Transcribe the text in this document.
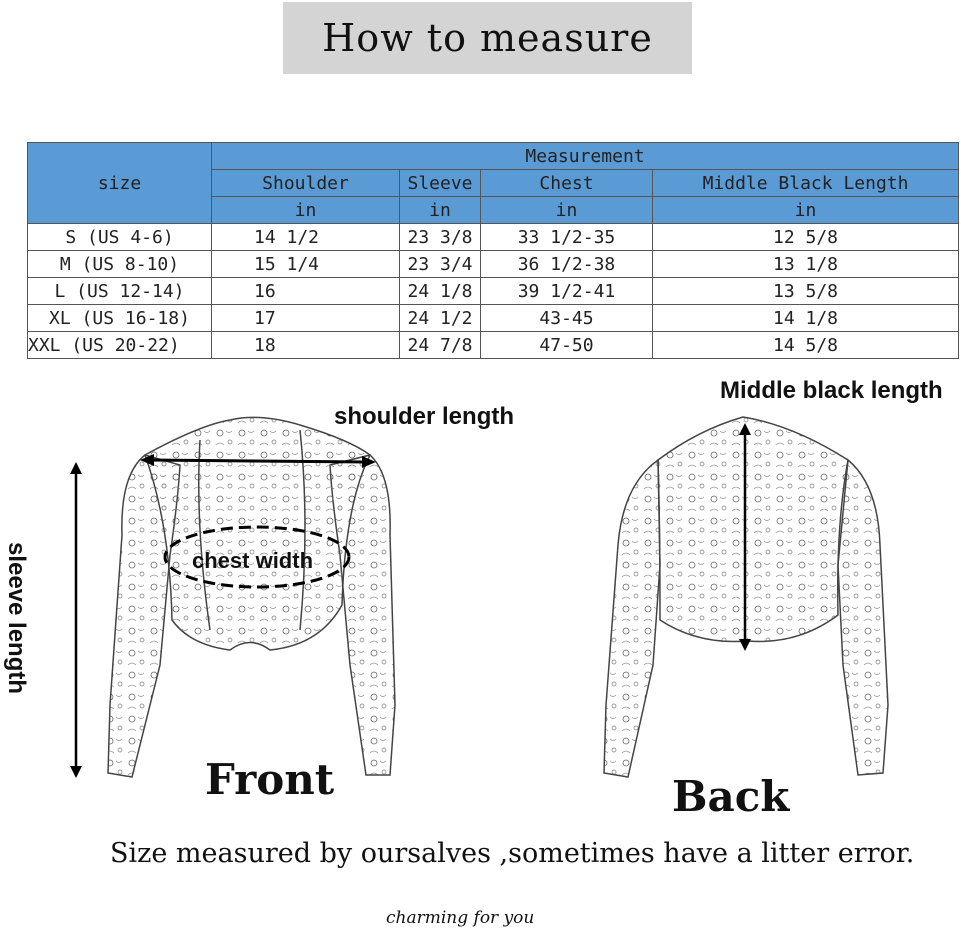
How to measure
size	Measurement			
	Shoulder	Sleeve	Chest	Middle Black Length
	in	in	in	in
S (US 4-6)	14 1/2	23 3/8	33 1/2-35	12 5/8
M (US 8-10)	15 1/4	23 3/4	36 1/2-38	13 1/8
L (US 12-14)	16	24 1/8	39 1/2-41	13 5/8
XL (US 16-18)	17	24 1/2	43-45	14 1/8
XXL (US 20-22)	18	24 7/8	47-50	14 5/8
shoulder length
chest width
sleeve length
Middle black length
Front	Back
Size measured by oursalves ,sometimes have a litter error.
charming for you
